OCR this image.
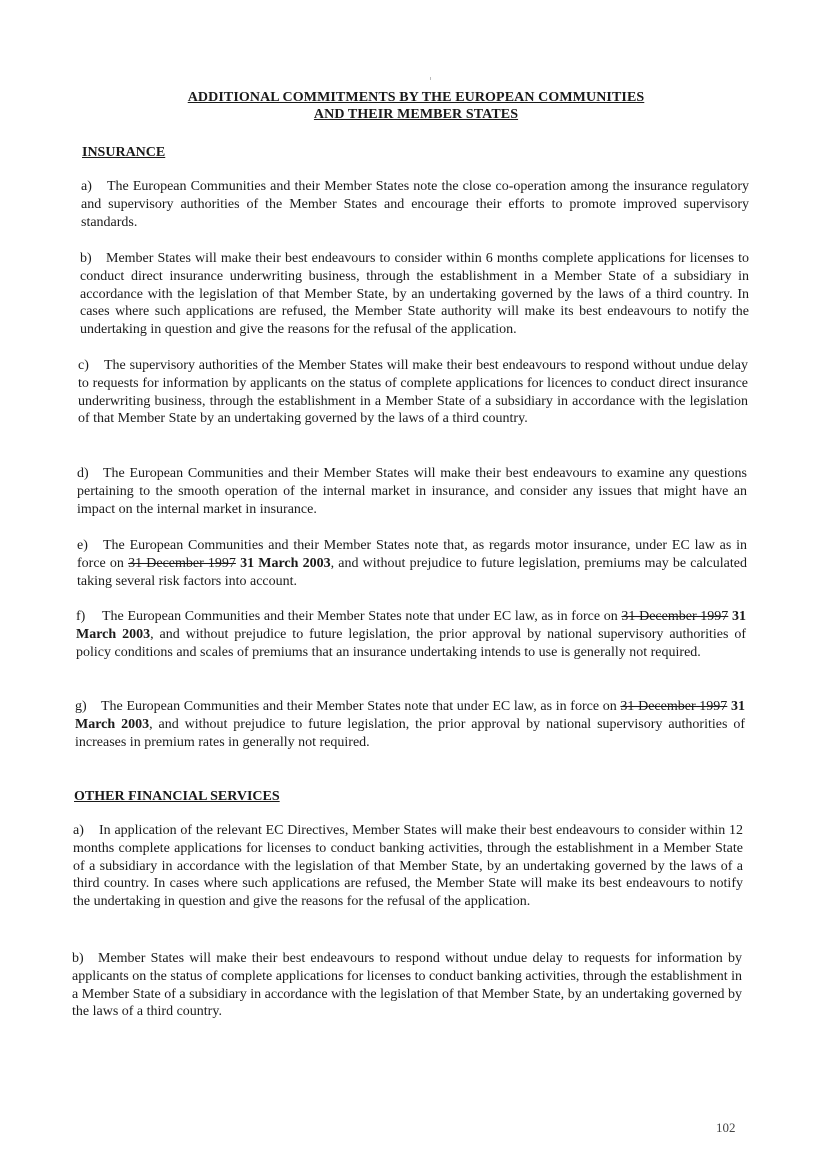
ADDITIONAL COMMITMENTS BY THE EUROPEAN COMMUNITIES
AND THEIR MEMBER STATES
INSURANCE

a) The European Communities and their Member States note the close co-operation among the insurance regulatory and supervisory authorities of the Member States and encourage their efforts to promote improved supervisory standards.

b) Member States will make their best endeavours to consider within 6 months complete applications for licenses to conduct direct insurance underwriting business, through the establishment in a Member State of a subsidiary in accordance with the legislation of that Member State, by an undertaking governed by the laws of a third country. In cases where such applications are refused, the Member State authority will make its best endeavours to notify the undertaking in question and give the reasons for the refusal of the application.

c) The supervisory authorities of the Member States will make their best endeavours to respond without undue delay to requests for information by applicants on the status of complete applications for licences to conduct direct insurance underwriting business, through the establishment in a Member State of a subsidiary in accordance with the legislation of that Member State by an undertaking governed by the laws of a third country.

d) The European Communities and their Member States will make their best endeavours to examine any questions pertaining to the smooth operation of the internal market in insurance, and consider any issues that might have an impact on the internal market in insurance.

e) The European Communities and their Member States note that, as regards motor insurance, under EC law as in force on 31 December 1997 31 March 2003, and without prejudice to future legislation, premiums may be calculated taking several risk factors into account.

f) The European Communities and their Member States note that under EC law, as in force on 31 December 1997 31 March 2003, and without prejudice to future legislation, the prior approval by national supervisory authorities of policy conditions and scales of premiums that an insurance undertaking intends to use is generally not required.

g) The European Communities and their Member States note that under EC law, as in force on 31 December 1997 31 March 2003, and without prejudice to future legislation, the prior approval by national supervisory authorities of increases in premium rates in generally not required.

OTHER FINANCIAL SERVICES

a) In application of the relevant EC Directives, Member States will make their best endeavours to consider within 12 months complete applications for licenses to conduct banking activities, through the establishment in a Member State of a subsidiary in accordance with the legislation of that Member State, by an undertaking governed by the laws of a third country. In cases where such applications are refused, the Member State will make its best endeavours to notify the undertaking in question and give the reasons for the refusal of the application.

b) Member States will make their best endeavours to respond without undue delay to requests for information by applicants on the status of complete applications for licenses to conduct banking activities, through the establishment in a Member State of a subsidiary in accordance with the legislation of that Member State, by an undertaking governed by the laws of a third country.

102
